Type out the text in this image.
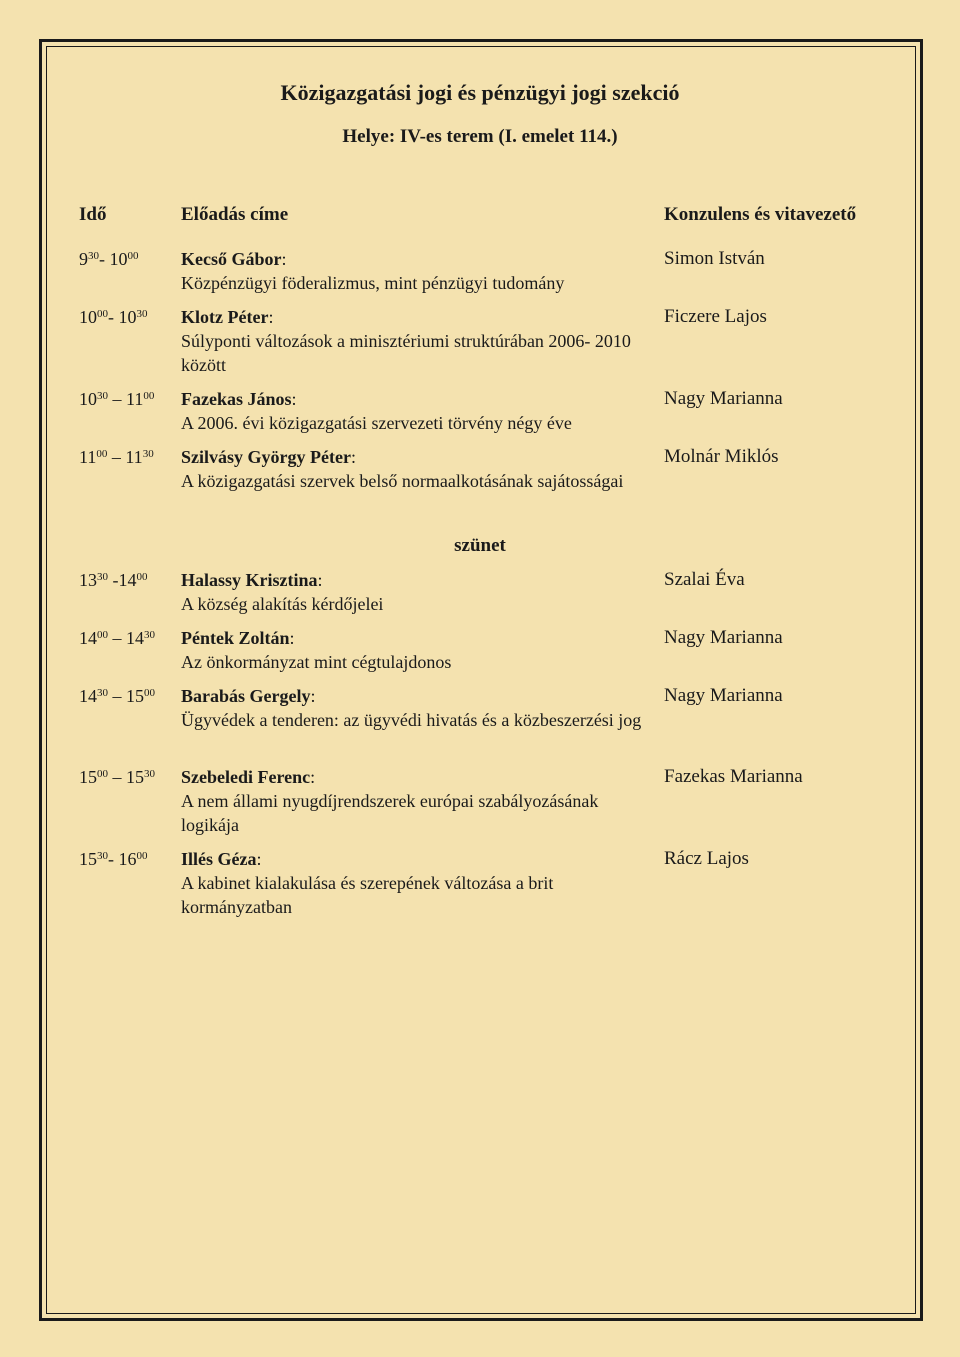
Közigazgatási jogi és pénzügyi jogi szekció
Helye: IV-es terem (I. emelet 114.)
Idő	Előadás címe	Konzulens és vitavezető
$9^{30}-$ $10^{00}$ Kecső Gábor:
Közpénzügyi föderalizmus, mint pénzügyi tudomány
Simon István
$10^{00}-$ $10^{30}$ Klotz Péter:
Súlyponti változások a minisztériumi struktúrában 2006- 2010 között
Ficzere Lajos
$10^{30} - 11^{00}$ Fazekas János:
A 2006. évi közigazgatási szervezeti törvény négy éve
Nagy Marianna
$11^{00} - 11^{30}$ Szilvásy György Péter:
A közigazgatási szervek belső normaalkotásának sajátosságai
Molnár Miklós
$13^{30}$ $-14^{00}$ Halassy Krisztina:
A község alakítás kérdőjelei
Szalai Éva
$14^{00} - 14^{30}$ Péntek Zoltán:
Az önkormányzat mint cégtulajdonos
Nagy Marianna
$14^{30} - 15^{00}$ Barabás Gergely:
Ügyvédek a tenderen: az ügyvédi hivatás és a közbeszerzési jog
Nagy Marianna
$15^{00} - 15^{30}$ Szebeledi Ferenc:
A nem állami nyugdíjrendszerek európai szabályozásának logikája
Fazekas Marianna
$15^{30}-$ $16^{00}$ Illés Géza:
A kabinet kialakulása és szerepének változása a brit kormányzatban
Rácz Lajos
szünet
